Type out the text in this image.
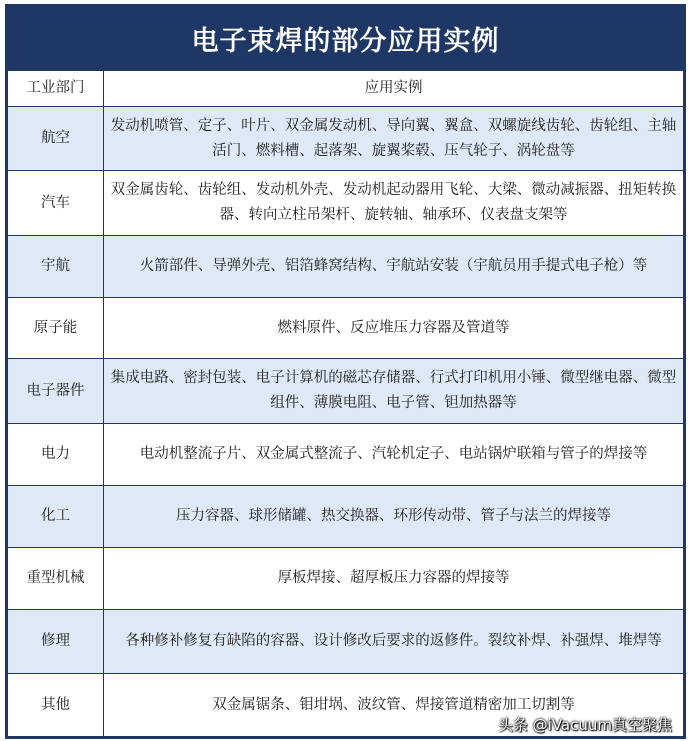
电子束焊的部分应用实例
工业部门	应用实例
航空	发动机喷管、定子、叶片、双金属发动机、导向翼、翼盒、双螺旋线齿轮、齿轮组、主轴活门、燃料槽、起落架、旋翼桨毂、压气轮子、涡轮盘等
汽车	双金属齿轮、齿轮组、发动机外壳、发动机起动器用飞轮、大梁、微动减振器、扭矩转换器、转向立柱吊架杆、旋转轴、轴承环、仪表盘支架等
宇航	火箭部件、导弹外壳、铝箔蜂窝结构、宇航站安装（宇航员用手提式电子枪）等
原子能	燃料原件、反应堆压力容器及管道等
电子器件	集成电路、密封包装、电子计算机的磁芯存储器、行式打印机用小锤、微型继电器、微型组件、薄膜电阻、电子管、钽加热器等
电力	电动机整流子片、双金属式整流子、汽轮机定子、电站锅炉联箱与管子的焊接等
化工	压力容器、球形储罐、热交换器、环形传动带、管子与法兰的焊接等
重型机械	厚板焊接、超厚板压力容器的焊接等
修理	各种修补修复有缺陷的容器、设计修改后要求的返修件。裂纹补焊、补强焊、堆焊等
其他	双金属锯条、钼坩埚、波纹管、焊接管道精密加工切割等
头条 @iVacuum真空聚焦
